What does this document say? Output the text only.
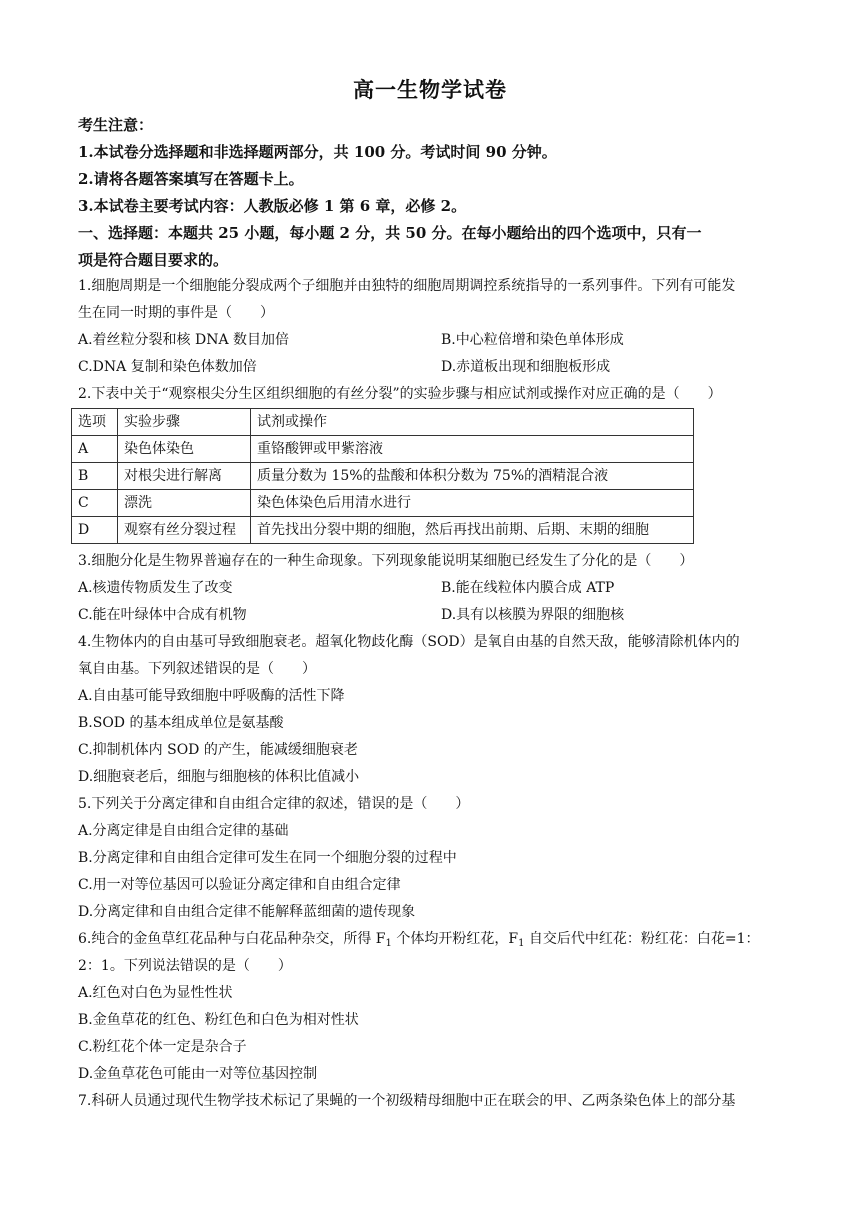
高一生物学试卷
考生注意：
1.本试卷分选择题和非选择题两部分，共 100 分。考试时间 90 分钟。
2.请将各题答案填写在答题卡上。
3.本试卷主要考试内容：人教版必修 1 第 6 章，必修 2。
一、选择题：本题共 25 小题，每小题 2 分，共 50 分。在每小题给出的四个选项中，只有一
项是符合题目要求的。
1.细胞周期是一个细胞能分裂成两个子细胞并由独特的细胞周期调控系统指导的一系列事件。下列有可能发
生在同一时期的事件是（　　）
A.着丝粒分裂和核 DNA 数目加倍	B.中心粒倍增和染色单体形成
C.DNA 复制和染色体数加倍	D.赤道板出现和细胞板形成
2.下表中关于“观察根尖分生区组织细胞的有丝分裂”的实验步骤与相应试剂或操作对应正确的是（　　）
选项	实验步骤	试剂或操作
A	染色体染色	重铬酸钾或甲紫溶液
B	对根尖进行解离	质量分数为 15%的盐酸和体积分数为 75%的酒精混合液
C	漂洗	染色体染色后用清水进行
D	观察有丝分裂过程	首先找出分裂中期的细胞，然后再找出前期、后期、末期的细胞
3.细胞分化是生物界普遍存在的一种生命现象。下列现象能说明某细胞已经发生了分化的是（　　）
A.核遗传物质发生了改变	B.能在线粒体内膜合成 ATP
C.能在叶绿体中合成有机物	D.具有以核膜为界限的细胞核
4.生物体内的自由基可导致细胞衰老。超氧化物歧化酶（SOD）是氧自由基的自然天敌，能够清除机体内的
氧自由基。下列叙述错误的是（　　）
A.自由基可能导致细胞中呼吸酶的活性下降
B.SOD 的基本组成单位是氨基酸
C.抑制机体内 SOD 的产生，能减缓细胞衰老
D.细胞衰老后，细胞与细胞核的体积比值减小
5.下列关于分离定律和自由组合定律的叙述，错误的是（　　）
A.分离定律是自由组合定律的基础
B.分离定律和自由组合定律可发生在同一个细胞分裂的过程中
C.用一对等位基因可以验证分离定律和自由组合定律
D.分离定律和自由组合定律不能解释蓝细菌的遗传现象
6.纯合的金鱼草红花品种与白花品种杂交，所得 $F_1$ 个体均开粉红花，$F_1$ 自交后代中红花：粉红花：白花=1：
2：1。下列说法错误的是（　　）
A.红色对白色为显性性状
B.金鱼草花的红色、粉红色和白色为相对性状
C.粉红花个体一定是杂合子
D.金鱼草花色可能由一对等位基因控制
7.科研人员通过现代生物学技术标记了果蝇的一个初级精母细胞中正在联会的甲、乙两条染色体上的部分基
